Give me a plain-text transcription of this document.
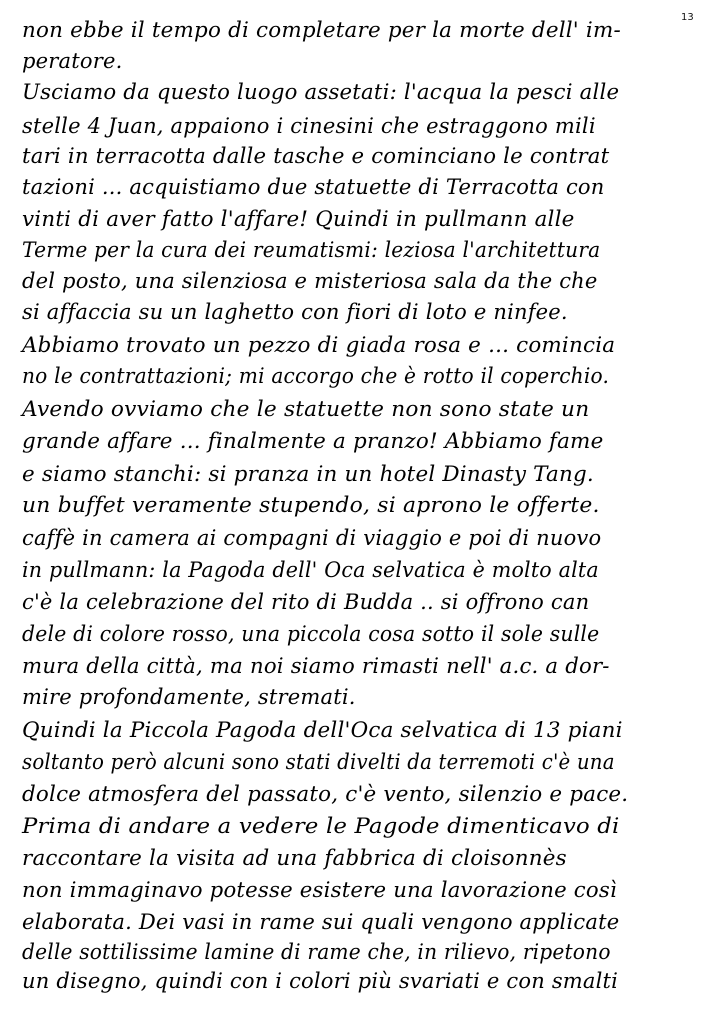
13
non ebbe il tempo di completare per la morte dell' im-
peratore.
Usciamo da questo luogo assetati: l'acqua la pesci alle
stelle 4 Juan, appaiono i cinesini che estraggono mili
tari in terracotta dalle tasche e cominciano le contrat
tazioni ... acquistiamo due statuette di Terracotta con
vinti di aver fatto l'affare! Quindi in pullmann alle
Terme per la cura dei reumatismi: leziosa l'architettura
del posto, una silenziosa e misteriosa sala da the che
si affaccia su un laghetto con fiori di loto e ninfee.
Abbiamo trovato un pezzo di giada rosa e ... comincia
no le contrattazioni; mi accorgo che è rotto il coperchio.
Avendo ovviamo che le statuette non sono state un
grande affare ... finalmente a pranzo! Abbiamo fame
e siamo stanchi: si pranza in un hotel Dinasty Tang.
un buffet veramente stupendo, si aprono le offerte.
caffè in camera ai compagni di viaggio e poi di nuovo
in pullmann: la Pagoda dell' Oca selvatica è molto alta
c'è la celebrazione del rito di Budda .. si offrono can
dele di colore rosso, una piccola cosa sotto il sole sulle
mura della città, ma noi siamo rimasti nell' a.c. a dor-
mire profondamente, stremati.
Quindi la Piccola Pagoda dell'Oca selvatica di 13 piani
soltanto però alcuni sono stati divelti da terremoti c'è una
dolce atmosfera del passato, c'è vento, silenzio e pace.
Prima di andare a vedere le Pagode dimenticavo di
raccontare la visita ad una fabbrica di cloisonnès
non immaginavo potesse esistere una lavorazione così
elaborata. Dei vasi in rame sui quali vengono applicate
delle sottilissime lamine di rame che, in rilievo, ripetono
un disegno, quindi con i colori più svariati e con smalti
